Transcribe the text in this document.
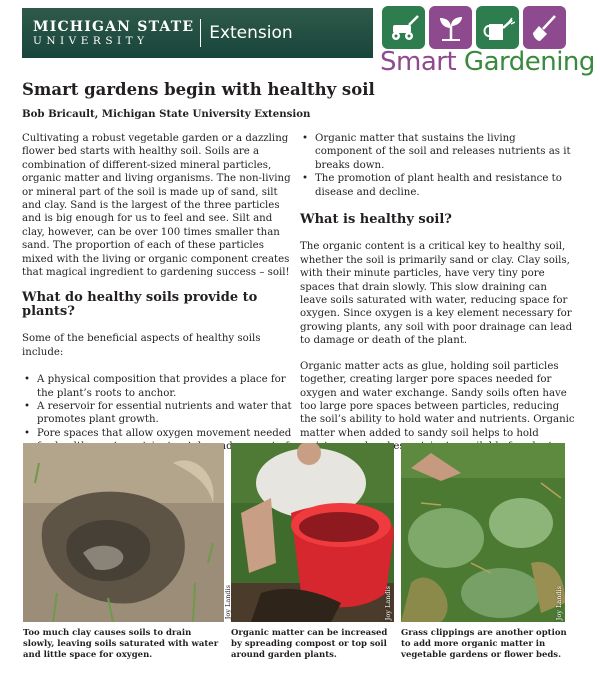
MICHIGAN STATE
UNIVERSITY	Extension
Smart Gardening
Smart gardens begin with healthy soil
Bob Bricault, Michigan State University Extension

Cultivating a robust vegetable garden or a dazzling flower bed starts with healthy soil. Soils are a combination of different-sized mineral particles, organic matter and living organisms. The non-living or mineral part of the soil is made up of sand, silt and clay. Sand is the largest of the three particles and is big enough for us to feel and see. Silt and clay, however, can be over 100 times smaller than sand. The proportion of each of these particles mixed with the living or organic component creates that magical ingredient to gardening success – soil!

What do healthy soils provide to plants?

Some of the beneficial aspects of healthy soils include:

• A physical composition that provides a place for the plant’s roots to anchor.
• A reservoir for essential nutrients and water that promotes plant growth.
• Pore spaces that allow oxygen movement needed
• Organic matter that sustains the living component of the soil and releases nutrients as it breaks down.
• The promotion of plant health and resistance to disease and decline.
What is healthy soil?

The organic content is a critical key to healthy soil, whether the soil is primarily sand or clay. Clay soils, with their minute particles, have very tiny pore spaces that drain slowly. This slow draining can leave soils saturated with water, reducing space for oxygen. Since oxygen is a key element necessary for growing plants, any soil with poor drainage can lead to damage or death of the plant.

Organic matter acts as glue, holding soil particles together, creating larger pore spaces needed for oxygen and water exchange. Sandy soils often have too large pore spaces between particles, reducing the soil’s ability to hold water and nutrients. Organic matter when added to sandy soil helps to hold

Joy Landis	Joy Landis
Joy Landis
Too much clay causes soils to drain slowly, leaving soils saturated with water and little space for oxygen.
Organic matter can be increased by spreading compost or top soil around garden plants.
Grass clippings are another option to add more organic matter in vegetable gardens or flower beds.
